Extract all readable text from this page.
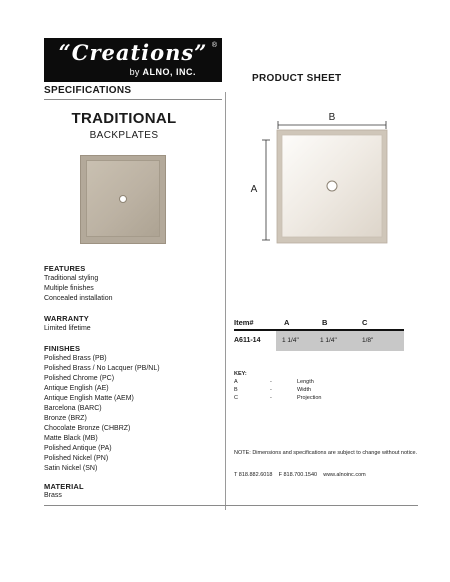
“Creations” ®
by ALNO, INC.
SPECIFICATIONS
PRODUCT SHEET
TRADITIONAL
BACKPLATES
FEATURES
Traditional styling
Multiple finishes
Concealed installation
WARRANTY
Limited lifetime
FINISHES
Polished Brass (PB)
Polished Brass / No Lacquer (PB/NL)
Polished Chrome (PC)
Antique English (AE)
Antique English Matte (AEM)
Barcelona (BARC)
Bronze (BRZ)
Chocolate Bronze (CHBRZ)
Matte Black (MB)
Polished Antique (PA)
Polished Nickel (PN)
Satin Nickel (SN)
MATERIAL
Brass
B
A
Item#	A	B	C
A611-14	1 1/4"	1 1/4"	1/8"
KEY:
A	-	Length
B	-	Width
C	-	Projection
NOTE: Dimensions and specifications are subject to change without notice.
T 818.882.6018 F 818.700.1540 www.alnoinc.com
